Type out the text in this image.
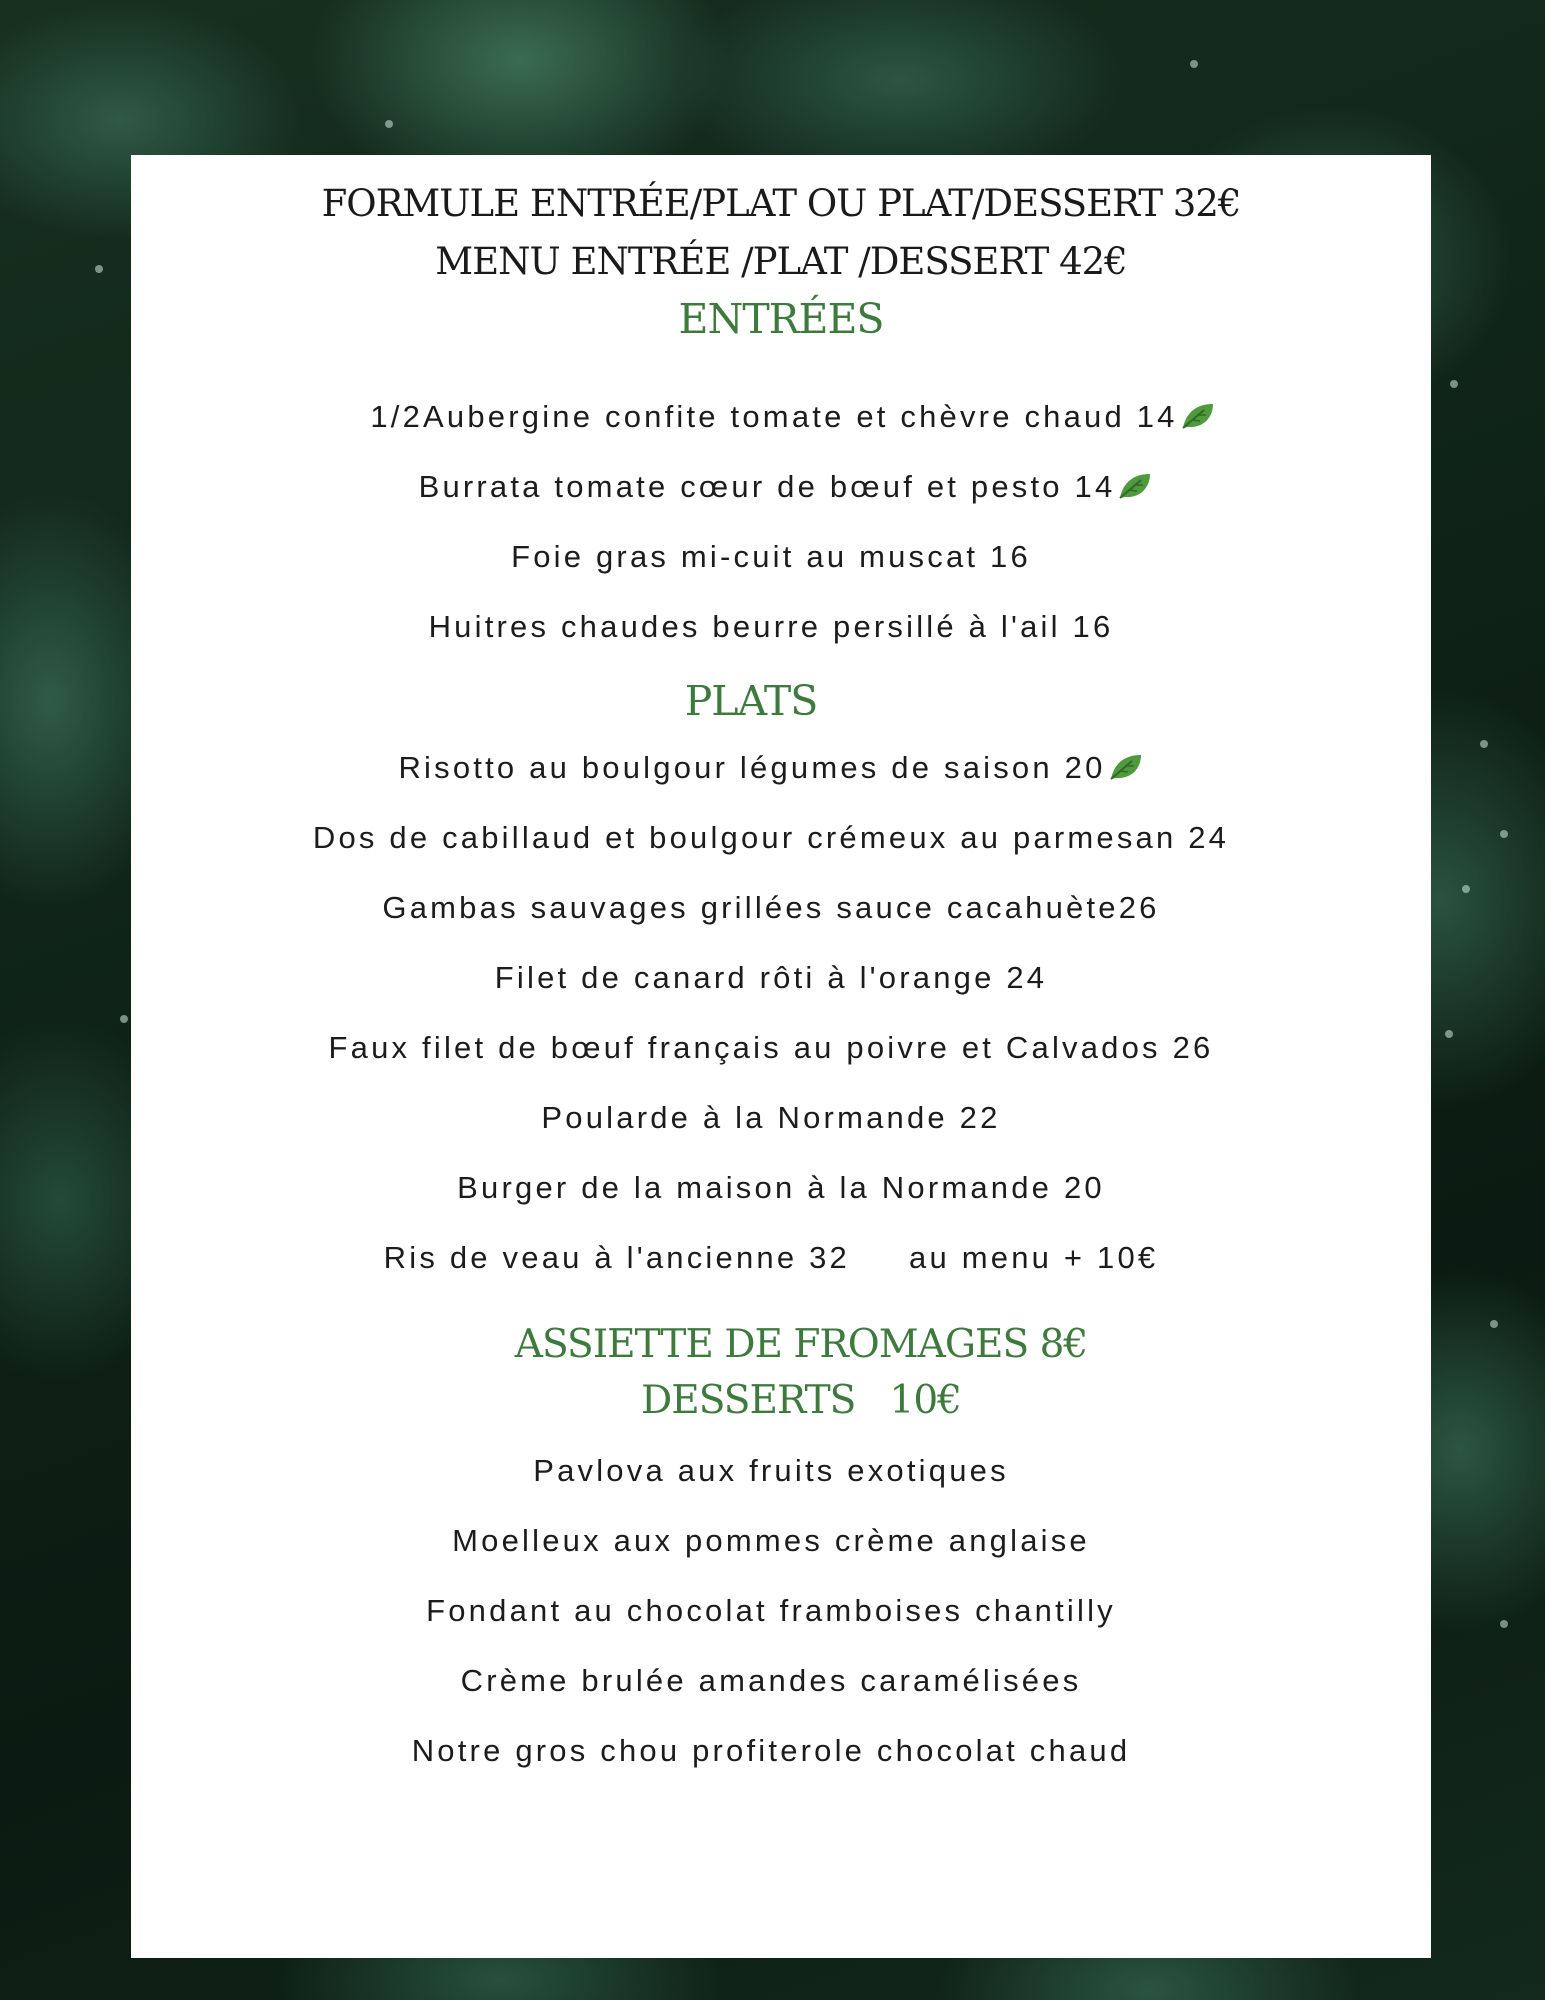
FORMULE ENTRÉE/PLAT OU PLAT/DESSERT 32€
MENU ENTRÉE /PLAT /DESSERT 42€
ENTRÉES
1/2Aubergine confite tomate et chèvre chaud 14
Burrata tomate cœur de bœuf et pesto 14
Foie gras mi-cuit au muscat 16
Huitres chaudes beurre persillé à l'ail 16
PLATS
Risotto au boulgour légumes de saison 20
Dos de cabillaud et boulgour crémeux au parmesan 24
Gambas sauvages grillées sauce cacahuète26
Filet de canard rôti à l'orange 24
Faux filet de bœuf français au poivre et Calvados 26
Poularde à la Normande 22
Burger de la maison à la Normande 20
Ris de veau à l'ancienne 32     au menu + 10€
ASSIETTE DE FROMAGES 8€
DESSERTS   10€
Pavlova aux fruits exotiques
Moelleux aux pommes crème anglaise
Fondant au chocolat framboises chantilly
Crème brulée amandes caramélisées
Notre gros chou profiterole chocolat chaud
